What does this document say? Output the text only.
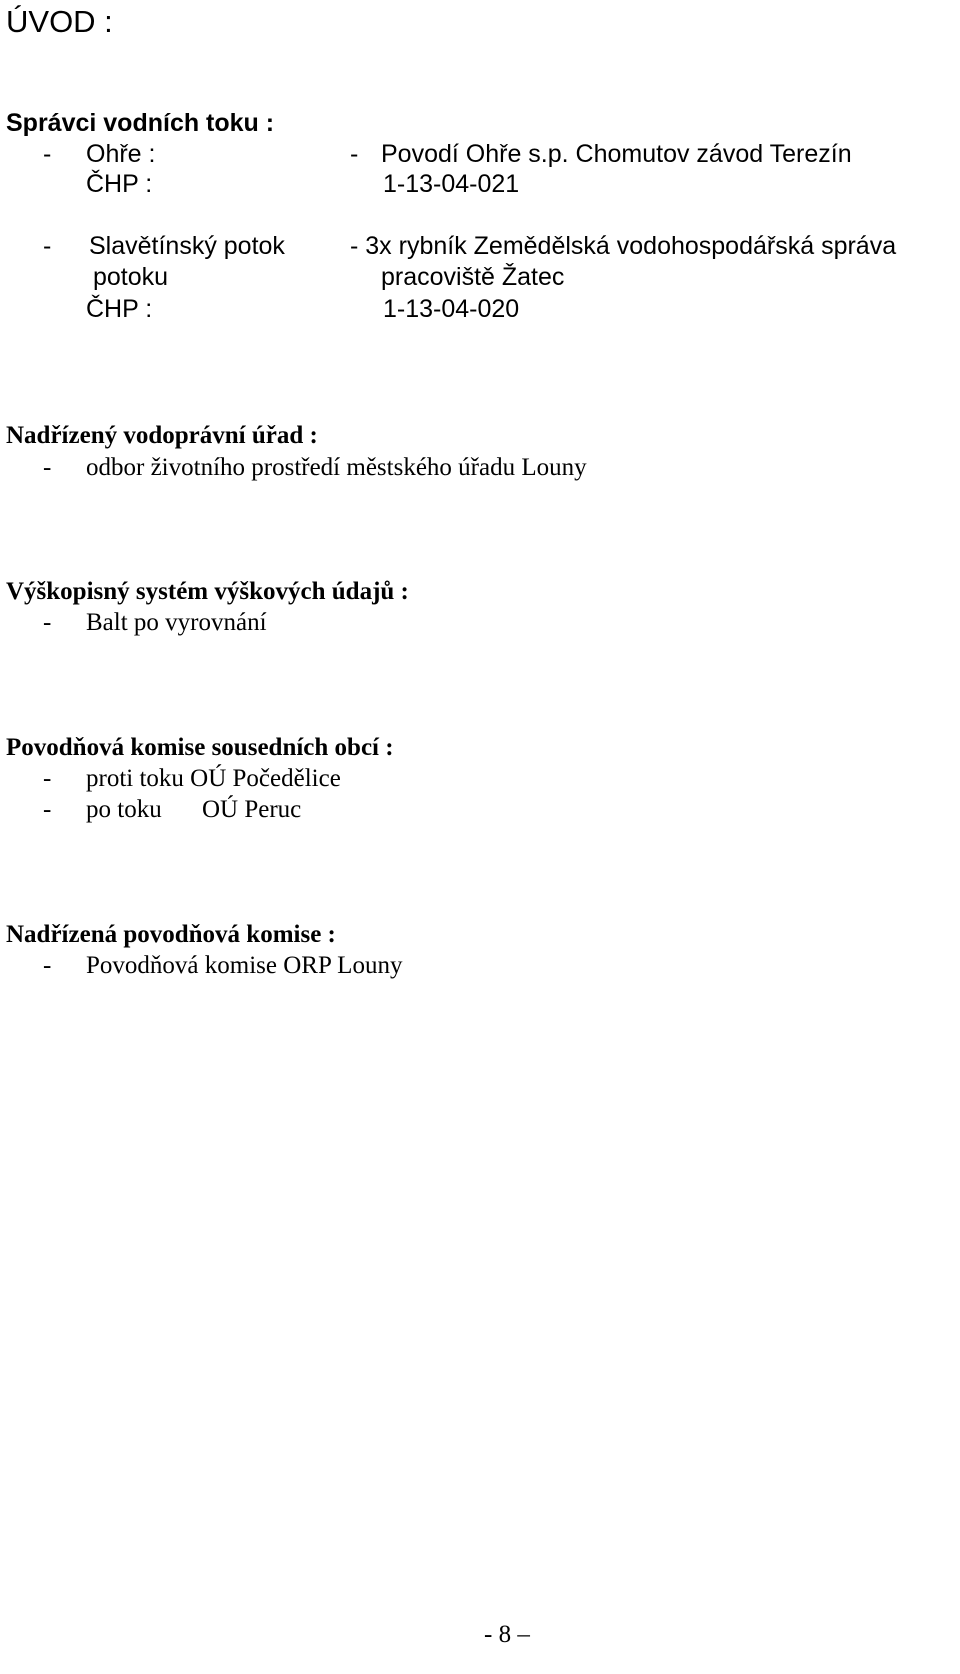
ÚVOD :
Správci vodních toku :
- Ohře :	- Povodí Ohře s.p. Chomutov závod Terezín
ČHP :	1-13-04-021
- Slavětínský potok	- 3x rybník Zemědělská vodohospodářská správa
potoku	pracoviště Žatec
ČHP :	1-13-04-020
Nadřízený vodoprávní úřad :
- odbor životního prostředí městského úřadu Louny
Výškopisný systém výškových údajů :
- Balt po vyrovnání
Povodňová komise sousedních obcí :
- proti toku OÚ Počedělice
- po toku OÚ Peruc
Nadřízená povodňová komise :
- Povodňová komise ORP Louny
- 8 –
